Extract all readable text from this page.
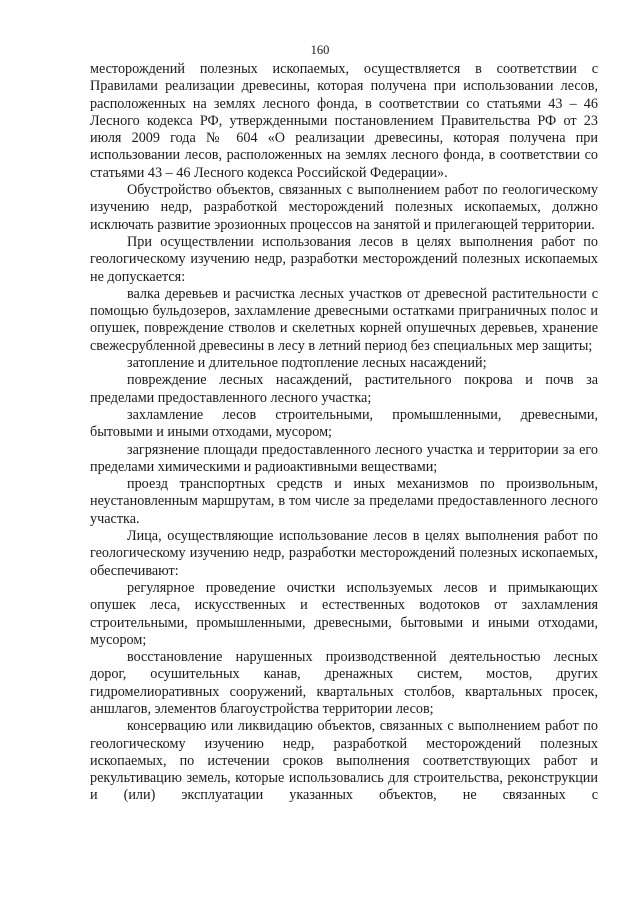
160

месторождений полезных ископаемых, осуществляется в соответствии с Правилами реализации древесины, которая получена при использовании лесов, расположенных на землях лесного фонда, в соответствии со статьями 43 – 46 Лесного кодекса РФ, утвержденными постановлением Правительства РФ от 23 июля 2009 года № 604 «О реализации древесины, которая получена при использовании лесов, расположенных на землях лесного фонда, в соответствии со статьями 43 – 46 Лесного кодекса Российской Федерации».

Обустройство объектов, связанных с выполнением работ по геологическому изучению недр, разработкой месторождений полезных ископаемых, должно исключать развитие эрозионных процессов на занятой и прилегающей территории.

При осуществлении использования лесов в целях выполнения работ по геологическому изучению недр, разработки месторождений полезных ископаемых не допускается:

валка деревьев и расчистка лесных участков от древесной растительности с помощью бульдозеров, захламление древесными остатками приграничных полос и опушек, повреждение стволов и скелетных корней опушечных деревьев, хранение свежесрубленной древесины в лесу в летний период без специальных мер защиты;

затопление и длительное подтопление лесных насаждений;

повреждение лесных насаждений, растительного покрова и почв за пределами предоставленного лесного участка;

захламление лесов строительными, промышленными, древесными, бытовыми и иными отходами, мусором;

загрязнение площади предоставленного лесного участка и территории за его пределами химическими и радиоактивными веществами;

проезд транспортных средств и иных механизмов по произвольным, неустановленным маршрутам, в том числе за пределами предоставленного лесного участка.

Лица, осуществляющие использование лесов в целях выполнения работ по геологическому изучению недр, разработки месторождений полезных ископаемых, обеспечивают:

регулярное проведение очистки используемых лесов и примыкающих опушек леса, искусственных и естественных водотоков от захламления строительными, промышленными, древесными, бытовыми и иными отходами, мусором;

восстановление нарушенных производственной деятельностью лесных дорог, осушительных канав, дренажных систем, мостов, других гидромелиоративных сооружений, квартальных столбов, квартальных просек, аншлагов, элементов благоустройства территории лесов;

консервацию или ликвидацию объектов, связанных с выполнением работ по геологическому изучению недр, разработкой месторождений полезных ископаемых, по истечении сроков выполнения соответствующих работ и рекультивацию земель, которые использовались для строительства, реконструкции и (или) эксплуатации указанных объектов, не связанных с
